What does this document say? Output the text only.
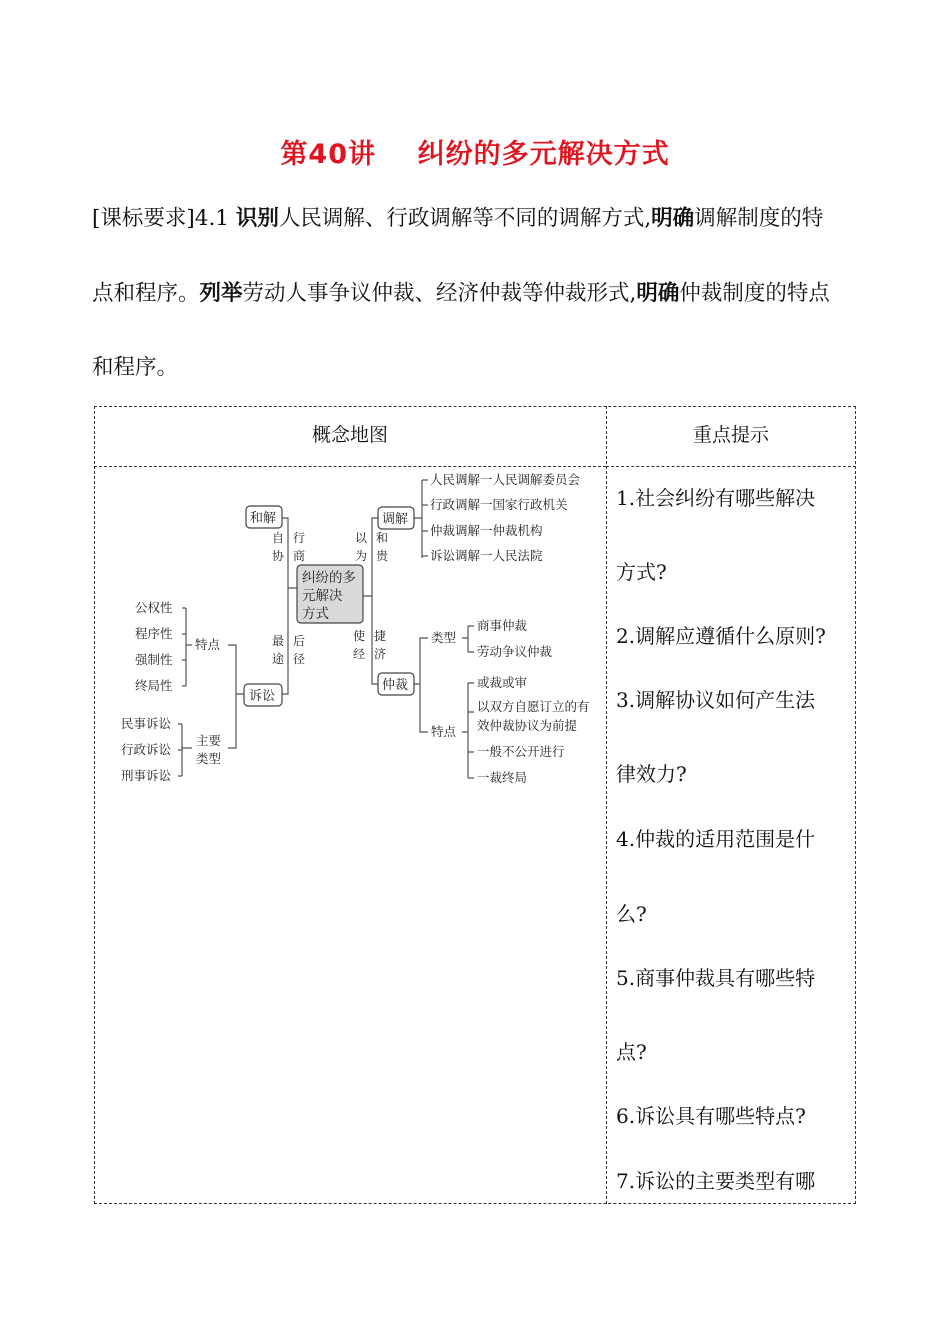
第40讲 纠纷的多元解决方式
[课标要求]4.1 识别人民调解、行政调解等不同的调解方式,明确调解制度的特
点和程序。列举劳动人事争议仲裁、经济仲裁等仲裁形式,明确仲裁制度的特点
和程序。
概念地图	重点提示
纠纷的多
元解决
方式
和解
诉讼
调解
仲裁
自
协
行
商
最
途
后
径
以
为
和
贵
使
经
捷
济
人民调解一人民调解委员会
行政调解一国家行政机关
仲裁调解一仲裁机构
诉讼调解一人民法院
类型
商事仲裁
劳动争议仲裁
特点
或裁或审
以双方自愿订立的有
效仲裁协议为前提
一般不公开进行
一裁终局
特点
公权性
程序性
强制性
终局性
主要
类型
民事诉讼
行政诉讼
刑事诉讼
1.社会纠纷有哪些解决
方式?
2.调解应遵循什么原则?
3.调解协议如何产生法
律效力?
4.仲裁的适用范围是什
么?
5.商事仲裁具有哪些特
点?
6.诉讼具有哪些特点?
7.诉讼的主要类型有哪
